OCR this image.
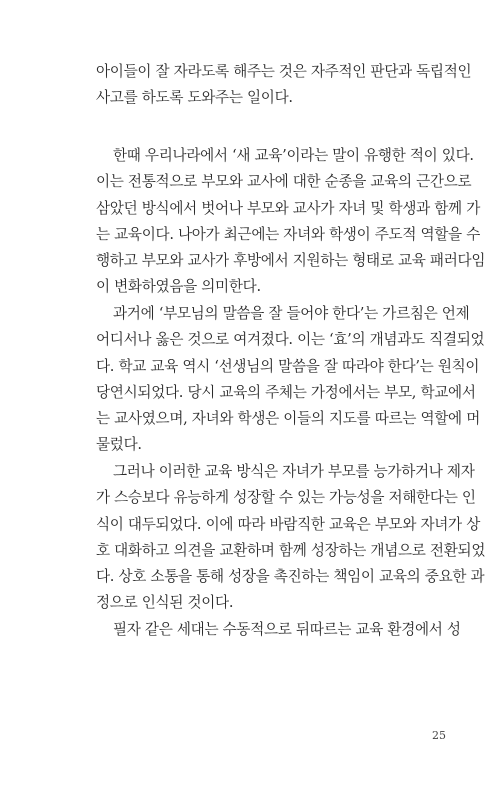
아이들이 잘 자라도록 해주는 것은 자주적인 판단과 독립적인
사고를 하도록 도와주는 일이다.
한때 우리나라에서 ‘새 교육’이라는 말이 유행한 적이 있다.
이는 전통적으로 부모와 교사에 대한 순종을 교육의 근간으로
삼았던 방식에서 벗어나 부모와 교사가 자녀 및 학생과 함께 가
는 교육이다. 나아가 최근에는 자녀와 학생이 주도적 역할을 수
행하고 부모와 교사가 후방에서 지원하는 형태로 교육 패러다임
이 변화하였음을 의미한다.
과거에 ‘부모님의 말씀을 잘 들어야 한다’는 가르침은 언제
어디서나 옳은 것으로 여겨졌다. 이는 ‘효’의 개념과도 직결되었
다. 학교 교육 역시 ‘선생님의 말씀을 잘 따라야 한다’는 원칙이
당연시되었다. 당시 교육의 주체는 가정에서는 부모, 학교에서
는 교사였으며, 자녀와 학생은 이들의 지도를 따르는 역할에 머
물렀다.
그러나 이러한 교육 방식은 자녀가 부모를 능가하거나 제자
가 스승보다 유능하게 성장할 수 있는 가능성을 저해한다는 인
식이 대두되었다. 이에 따라 바람직한 교육은 부모와 자녀가 상
호 대화하고 의견을 교환하며 함께 성장하는 개념으로 전환되었
다. 상호 소통을 통해 성장을 촉진하는 책임이 교육의 중요한 과
정으로 인식된 것이다.
필자 같은 세대는 수동적으로 뒤따르는 교육 환경에서 성
25
